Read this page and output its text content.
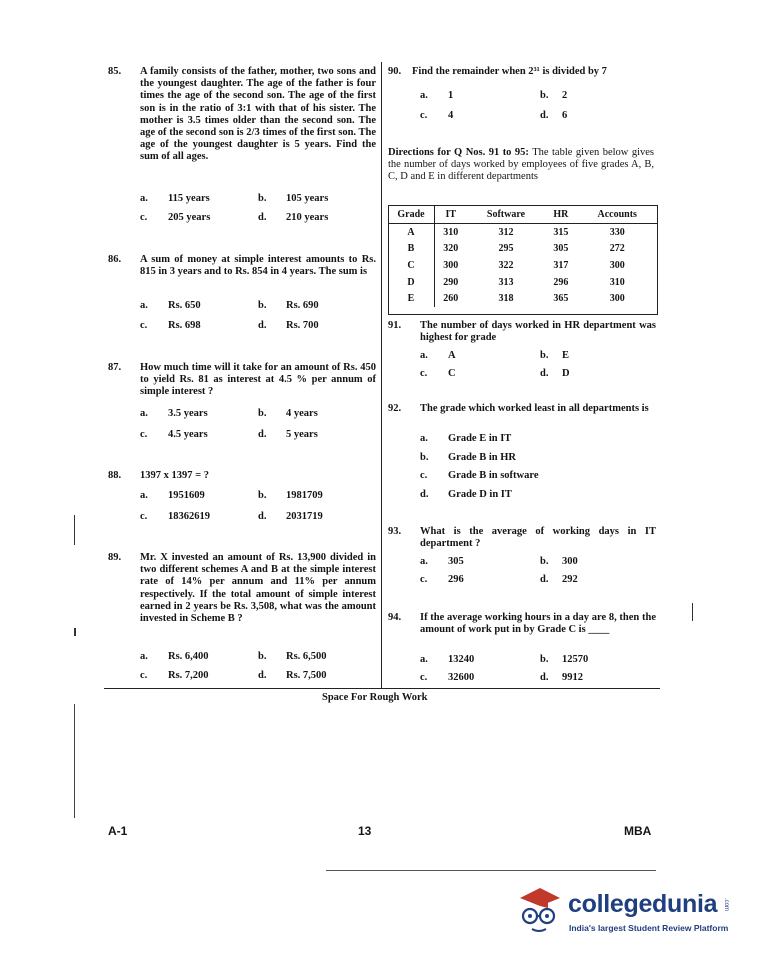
85. A family consists of the father, mother, two sons and the youngest daughter. The age of the father is four times the age of the second son. The age of the first son is in the ratio of 3:1 with that of his sister. The mother is 3.5 times older than the second son. The age of the second son is 2/3 times of the first son. The age of the youngest daughter is 5 years. Find the sum of all ages.
a. 115 years	b. 105 years
c. 205 years	d. 210 years
86. A sum of money at simple interest amounts to Rs. 815 in 3 years and to Rs. 854 in 4 years. The sum is
a. Rs. 650	b. Rs. 690
c. Rs. 698	d. Rs. 700
87. How much time will it take for an amount of Rs. 450 to yield Rs. 81 as interest at 4.5 % per annum of simple interest ?
a. 3.5 years	b. 4 years
c. 4.5 years	d. 5 years
88. 1397 x 1397 = ?
a. 1951609	b. 1981709
c. 18362619	d. 2031719
89. Mr. X invested an amount of Rs. 13,900 divided in two different schemes A and B at the simple interest rate of 14% per annum and 11% per annum respectively. If the total amount of simple interest earned in 2 years be Rs. 3,508, what was the amount invested in Scheme B ?
a. Rs. 6,400	b. Rs. 6,500
c. Rs. 7,200	d. Rs. 7,500
90. Find the remainder when 2³¹ is divided by 7
a. 1	b. 2
c. 4	d. 6
Directions for Q Nos. 91 to 95: The table given below gives the number of days worked by employees of five grades A, B, C, D and E in different departments
Grade	IT	Software	HR	Accounts
A	310	312	315	330
B	320	295	305	272
C	300	322	317	300
D	290	313	296	310
E	260	318	365	300
91. The number of days worked in HR department was highest for grade
a. A	b. E
c. C	d. D
92. The grade which worked least in all departments is
a. Grade E in IT
b. Grade B in HR
c. Grade B in software
d. Grade D in IT
93. What is the average of working days in IT department ?
a. 305	b. 300
c. 296	d. 292
94. If the average working hours in a day are 8, then the amount of work put in by Grade C is ____
a. 13240	b. 12570
c. 32600	d. 9912
Space For Rough Work
A-1	13	MBA
collegedunia .com
India's largest Student Review Platform
